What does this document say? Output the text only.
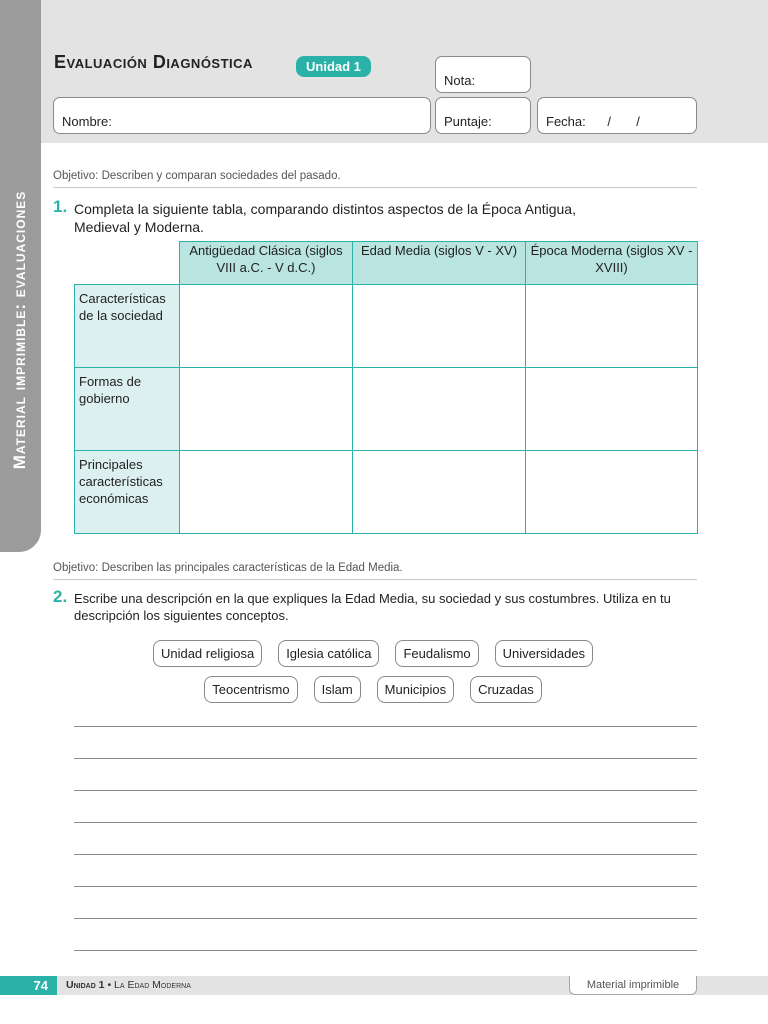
Material imprimible: evaluaciones
Evaluación Diagnóstica	Unidad 1
Nota:
Nombre:	Puntaje:	Fecha:      /       /
Objetivo: Describen y comparan sociedades del pasado.
1. Completa la siguiente tabla, comparando distintos aspectos de la Época Antigua, Medieval y Moderna.
	Antigüedad Clásica (siglos VIII a.C. - V d.C.)	Edad Media (siglos V - XV)	Época Moderna (siglos XV - XVIII)
Características de la sociedad			
Formas de gobierno			
Principales características económicas			
Objetivo: Describen las principales características de la Edad Media.
2. Escribe una descripción en la que expliques la Edad Media, su sociedad y sus costumbres. Utiliza en tu descripción los siguientes conceptos.
Unidad religiosa	Iglesia católica	Feudalismo	Universidades
Teocentrismo	Islam	Municipios	Cruzadas
74	Unidad 1 • La Edad Moderna	Material imprimible
